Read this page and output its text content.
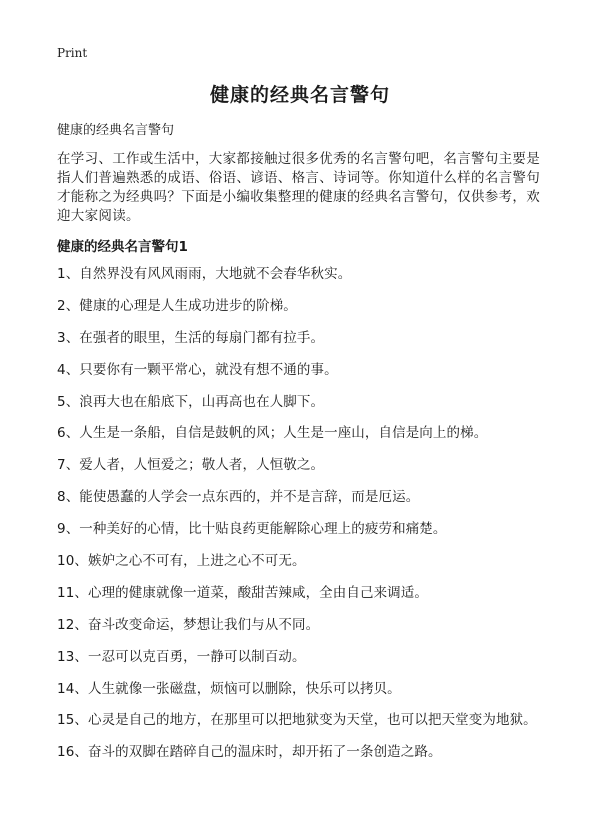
Print
健康的经典名言警句
健康的经典名言警句
在学习、工作或生活中，大家都接触过很多优秀的名言警句吧，名言警句主要是指人们普遍熟悉的成语、俗语、谚语、格言、诗词等。你知道什么样的名言警句才能称之为经典吗？下面是小编收集整理的健康的经典名言警句，仅供参考，欢迎大家阅读。
健康的经典名言警句1
1、自然界没有风风雨雨，大地就不会春华秋实。
2、健康的心理是人生成功进步的阶梯。
3、在强者的眼里，生活的每扇门都有拉手。
4、只要你有一颗平常心，就没有想不通的事。
5、浪再大也在船底下，山再高也在人脚下。
6、人生是一条船，自信是鼓帆的风；人生是一座山，自信是向上的梯。
7、爱人者，人恒爱之；敬人者，人恒敬之。
8、能使愚蠢的人学会一点东西的，并不是言辞，而是厄运。
9、一种美好的心情，比十贴良药更能解除心理上的疲劳和痛楚。
10、嫉妒之心不可有，上进之心不可无。
11、心理的健康就像一道菜，酸甜苦辣咸，全由自己来调适。
12、奋斗改变命运，梦想让我们与从不同。
13、一忍可以克百勇，一静可以制百动。
14、人生就像一张磁盘，烦恼可以删除，快乐可以拷贝。
15、心灵是自己的地方，在那里可以把地狱变为天堂，也可以把天堂变为地狱。
16、奋斗的双脚在踏碎自己的温床时，却开拓了一条创造之路。
